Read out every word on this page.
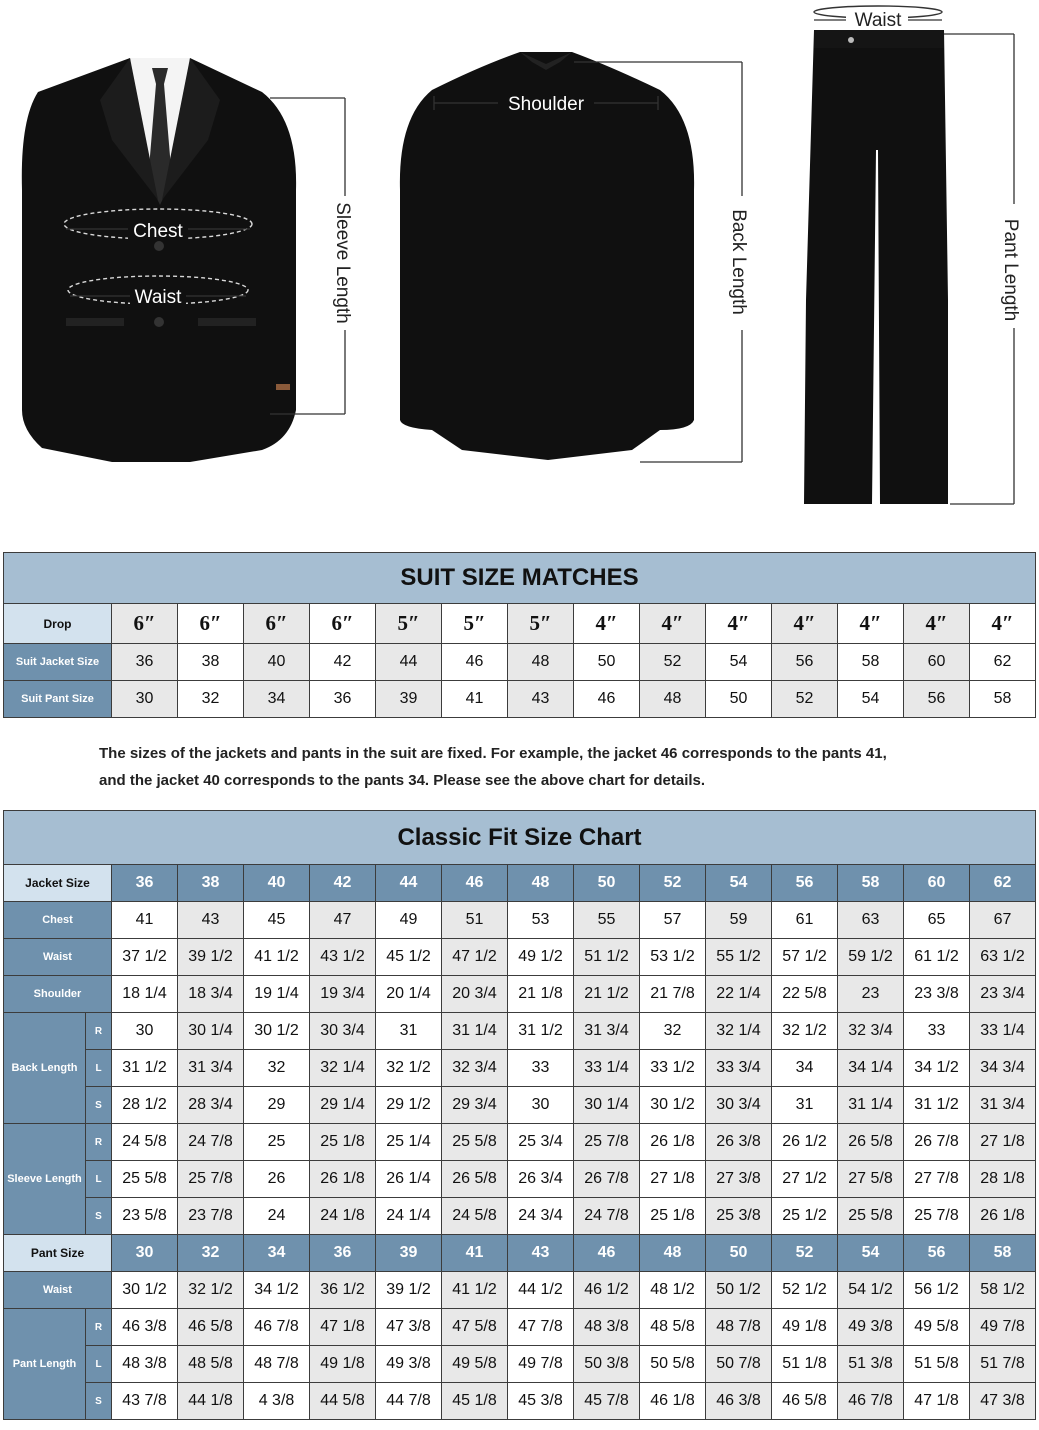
Chest
Waist	Sleeve Length
Shoulder
Back Length
Waist
Pant Length
SUIT SIZE MATCHES														
Drop	6″	6″	6″	6″	5″	5″	5″	4″	4″	4″	4″	4″	4″	4″
Suit Jacket Size	36	38	40	42	44	46	48	50	52	54	56	58	60	62
Suit Pant Size	30	32	34	36	39	41	43	46	48	50	52	54	56	58
The sizes of the jackets and pants in the suit are fixed. For example, the jacket 46 corresponds to the pants 41,
and the jacket 40 corresponds to the pants 34. Please see the above chart for details.
Classic Fit Size Chart															
Jacket Size		36	38	40	42	44	46	48	50	52	54	56	58	60	62
Chest		41	43	45	47	49	51	53	55	57	59	61	63	65	67
Waist		37 1/2	39 1/2	41 1/2	43 1/2	45 1/2	47 1/2	49 1/2	51 1/2	53 1/2	55 1/2	57 1/2	59 1/2	61 1/2	63 1/2
Shoulder		18 1/4	18 3/4	19 1/4	19 3/4	20 1/4	20 3/4	21 1/8	21 1/2	21 7/8	22 1/4	22 5/8	23	23 3/8	23 3/4
Back Length	R	30	30 1/4	30 1/2	30 3/4	31	31 1/4	31 1/2	31 3/4	32	32 1/4	32 1/2	32 3/4	33	33 1/4
	L	31 1/2	31 3/4	32	32 1/4	32 1/2	32 3/4	33	33 1/4	33 1/2	33 3/4	34	34 1/4	34 1/2	34 3/4
	S	28 1/2	28 3/4	29	29 1/4	29 1/2	29 3/4	30	30 1/4	30 1/2	30 3/4	31	31 1/4	31 1/2	31 3/4
Sleeve Length	R	24 5/8	24 7/8	25	25 1/8	25 1/4	25 5/8	25 3/4	25 7/8	26 1/8	26 3/8	26 1/2	26 5/8	26 7/8	27 1/8
	L	25 5/8	25 7/8	26	26 1/8	26 1/4	26 5/8	26 3/4	26 7/8	27 1/8	27 3/8	27 1/2	27 5/8	27 7/8	28 1/8
	S	23 5/8	23 7/8	24	24 1/8	24 1/4	24 5/8	24 3/4	24 7/8	25 1/8	25 3/8	25 1/2	25 5/8	25 7/8	26 1/8
Pant Size		30	32	34	36	39	41	43	46	48	50	52	54	56	58
Waist		30 1/2	32 1/2	34 1/2	36 1/2	39 1/2	41 1/2	44 1/2	46 1/2	48 1/2	50 1/2	52 1/2	54 1/2	56 1/2	58 1/2
Pant Length	R	46 3/8	46 5/8	46 7/8	47 1/8	47 3/8	47 5/8	47 7/8	48 3/8	48 5/8	48 7/8	49 1/8	49 3/8	49 5/8	49 7/8
	L	48 3/8	48 5/8	48 7/8	49 1/8	49 3/8	49 5/8	49 7/8	50 3/8	50 5/8	50 7/8	51 1/8	51 3/8	51 5/8	51 7/8
	S	43 7/8	44 1/8	4 3/8	44 5/8	44 7/8	45 1/8	45 3/8	45 7/8	46 1/8	46 3/8	46 5/8	46 7/8	47 1/8	47 3/8
